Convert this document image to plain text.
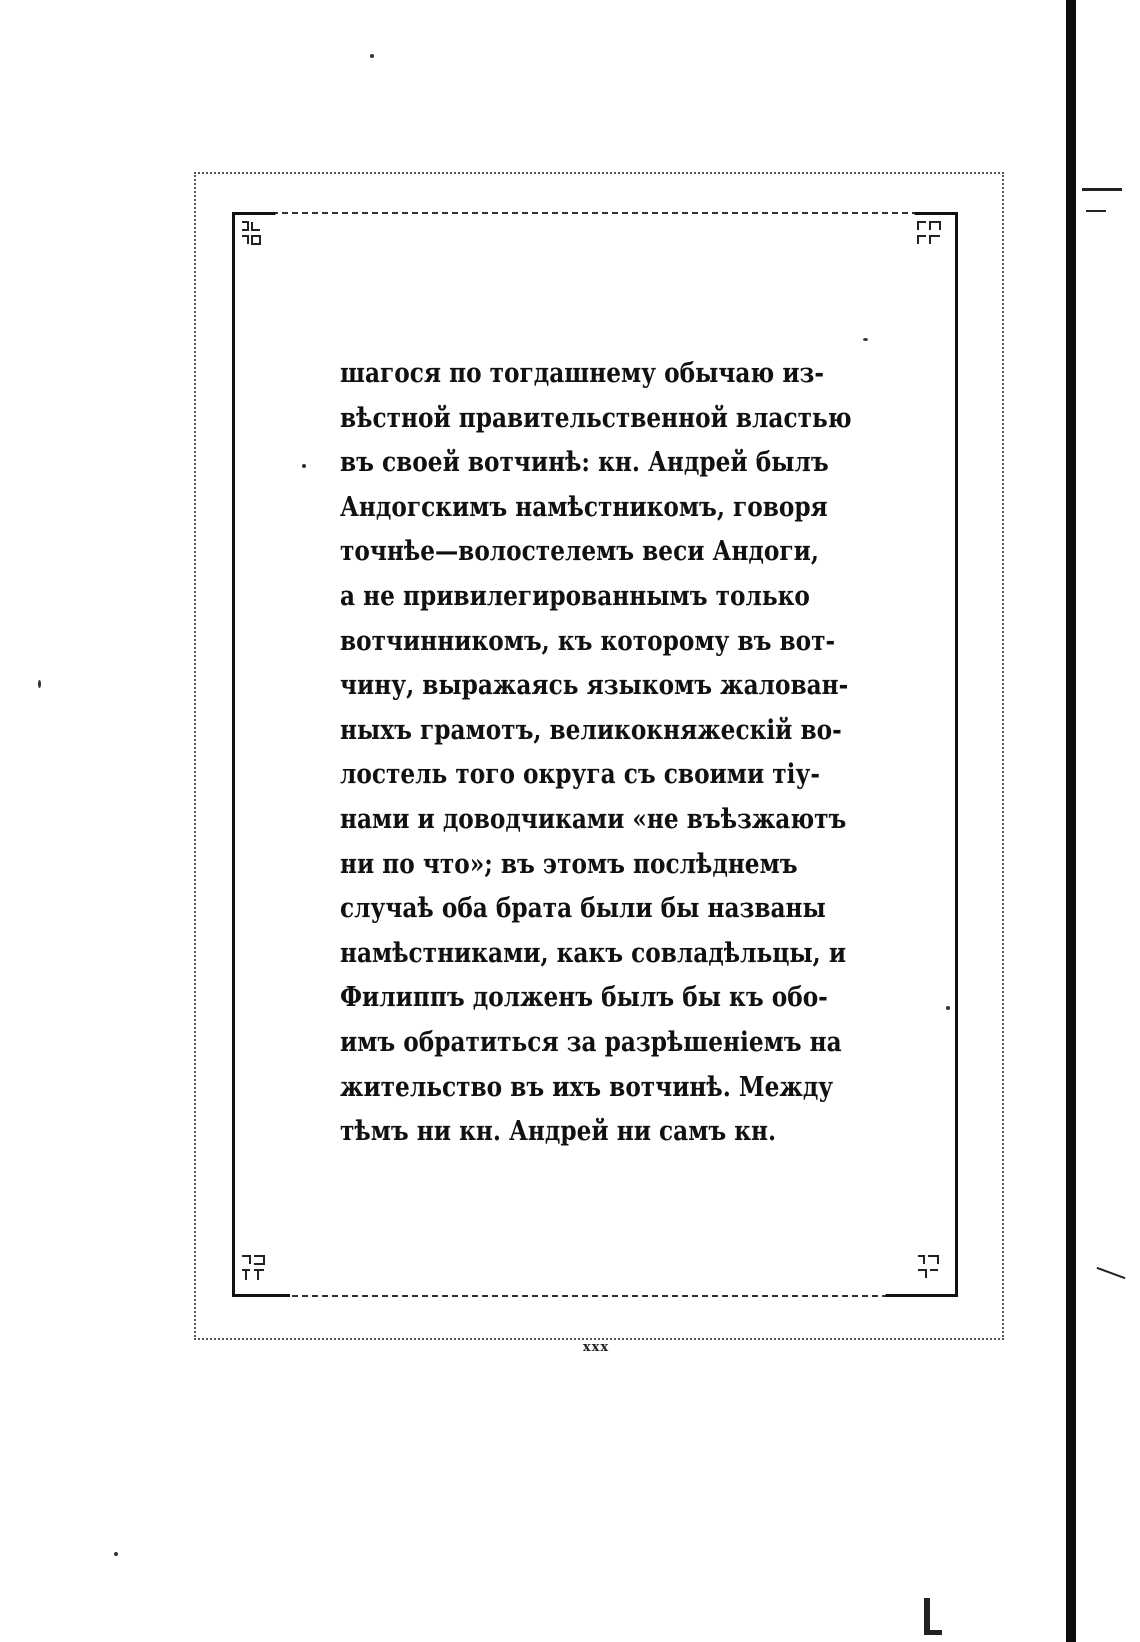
шагося по тогдашнему обычаю из-
вѣстной правительственной властью
въ своей вотчинѣ: кн. Андрей былъ
Андогскимъ намѣстникомъ, говоря
точнѣе—волостелемъ веси Андоги,
а не привилегированнымъ только
вотчинникомъ, къ которому въ вот-
чину, выражаясь языкомъ жалован-
ныхъ грамотъ, великокняжескій во-
лостель того округа съ своими тіу-
нами и доводчиками «не въѣзжаютъ
ни по что»; въ этомъ послѣднемъ
случаѣ оба брата были бы названы
намѣстниками, какъ совладѣльцы, и
Филиппъ долженъ былъ бы къ обо-
имъ обратиться за разрѣшеніемъ на
жительство въ ихъ вотчинѣ. Между
тѣмъ ни кн. Андрей ни самъ кн.
xxx
